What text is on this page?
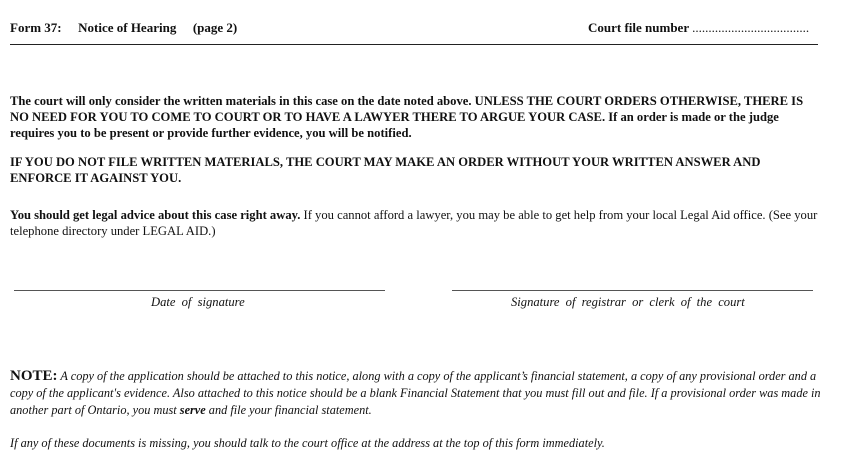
Form 37: Notice of Hearing (page 2)	Court file number ....................................
The court will only consider the written materials in this case on the date noted above. UNLESS THE COURT ORDERS OTHERWISE, THERE IS NO NEED FOR YOU TO COME TO COURT OR TO HAVE A LAWYER THERE TO ARGUE YOUR CASE. If an order is made or the judge requires you to be present or provide further evidence, you will be notified.
IF YOU DO NOT FILE WRITTEN MATERIALS, THE COURT MAY MAKE AN ORDER WITHOUT YOUR WRITTEN ANSWER AND ENFORCE IT AGAINST YOU.
You should get legal advice about this case right away. If you cannot afford a lawyer, you may be able to get help from your local Legal Aid office. (See your telephone directory under LEGAL AID.)
Date of signature	Signature of registrar or clerk of the court
NOTE: A copy of the application should be attached to this notice, along with a copy of the applicant’s financial statement, a copy of any provisional order and a copy of the applicant's evidence. Also attached to this notice should be a blank Financial Statement that you must fill out and file. If a provisional order was made in another part of Ontario, you must serve and file your financial statement.
If any of these documents is missing, you should talk to the court office at the address at the top of this form immediately.
